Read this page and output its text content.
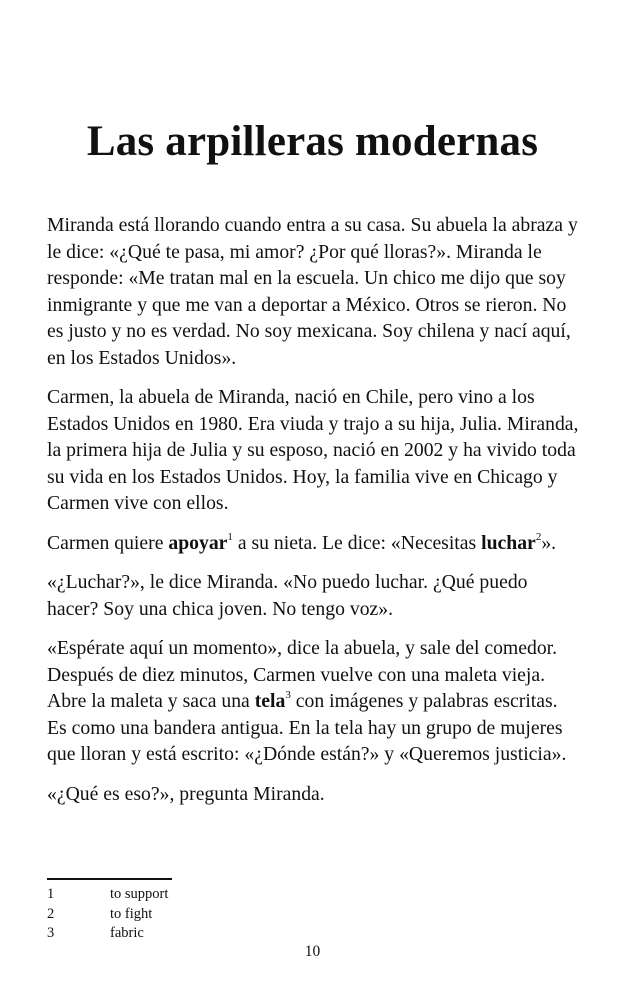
Las arpilleras modernas

Miranda está llorando cuando entra a su casa. Su abuela la abraza y le dice: «¿Qué te pasa, mi amor? ¿Por qué lloras?». Miranda le responde: «Me tratan mal en la escuela. Un chico me dijo que soy inmigrante y que me van a deportar a México. Otros se rieron. No es justo y no es verdad. No soy mexicana. Soy chilena y nací aquí, en los Estados Unidos».

Carmen, la abuela de Miranda, nació en Chile, pero vino a los Estados Unidos en 1980. Era viuda y trajo a su hija, Julia. Miranda, la primera hija de Julia y su esposo, nació en 2002 y ha vivido toda su vida en los Estados Unidos. Hoy, la familia vive en Chicago y Carmen vive con ellos.

Carmen quiere apoyar$^1$ a su nieta. Le dice: «Necesitas luchar$^2$».

«¿Luchar?», le dice Miranda. «No puedo luchar. ¿Qué puedo hacer? Soy una chica joven. No tengo voz».

«Espérate aquí un momento», dice la abuela, y sale del comedor. Después de diez minutos, Carmen vuelve con una maleta vieja. Abre la maleta y saca una tela$^3$ con imágenes y palabras escritas. Es como una bandera antigua. En la tela hay un grupo de mujeres que lloran y está escrito: «¿Dónde están?» y «Queremos justicia».

«¿Qué es eso?», pregunta Miranda.

1	to support
2	to fight
3	fabric
10
